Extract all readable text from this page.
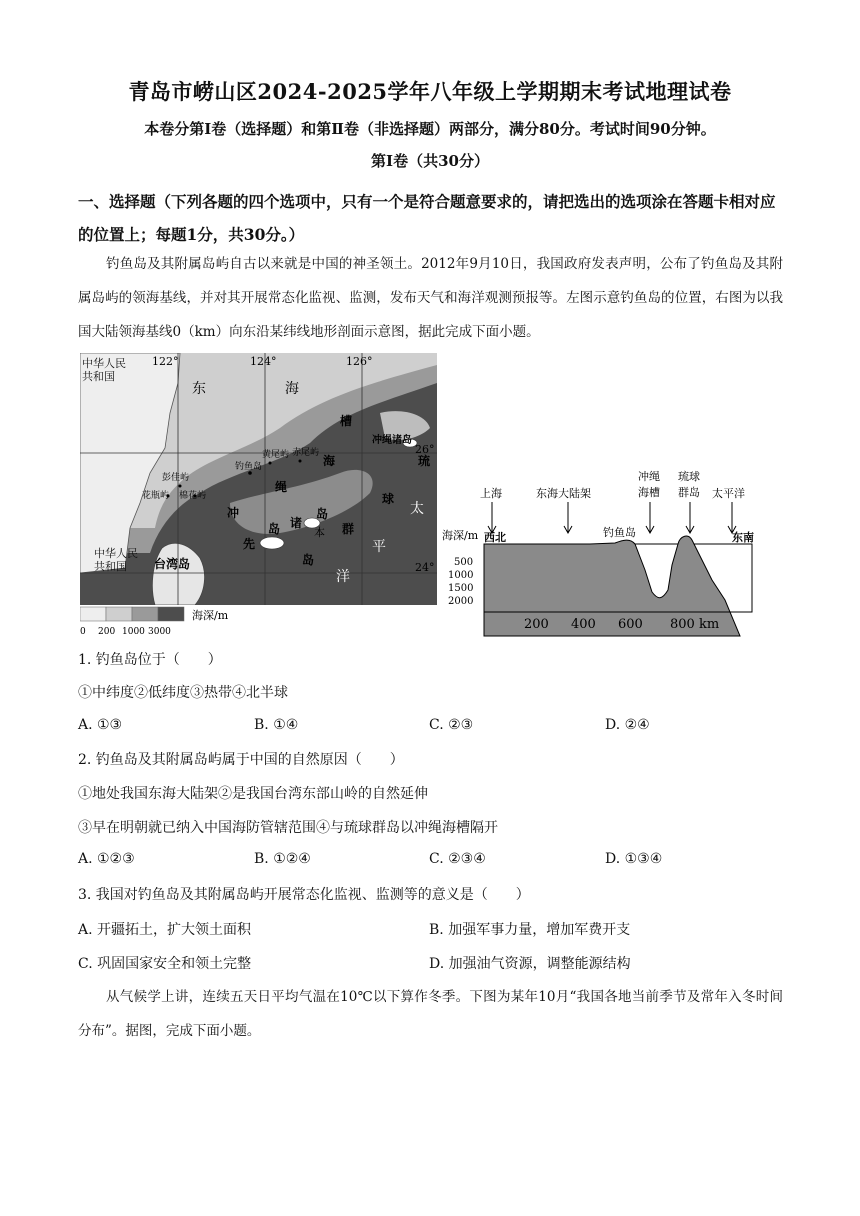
青岛市崂山区2024-2025学年八年级上学期期末考试地理试卷
本卷分第Ⅰ卷（选择题）和第Ⅱ卷（非选择题）两部分，满分80分。考试时间90分钟。
第Ⅰ卷（共30分）
一、选择题（下列各题的四个选项中，只有一个是符合题意要求的，请把选出的选项涂在答题卡相对应的位置上；每题1分，共30分。）
钓鱼岛及其附属岛屿自古以来就是中国的神圣领土。2012年9月10日，我国政府发表声明，公布了钓鱼岛及其附属岛屿的领海基线，并对其开展常态化监视、监测，发布天气和海洋观测预报等。左图示意钓鱼岛的位置，右图为以我国大陆领海基线0（km）向东沿某纬线地形剖面示意图，据此完成下面小题。
122°	124°	126°
26°
24°
中华人民共和国
中华人民共和国	台湾岛
东	海
槽
海
绳
冲
冲绳诸岛
琉
球
先
岛 诸
岛
群
本
岛
太
平
洋
黄尾屿 赤尾屿
钓鱼岛
彭佳屿
棉花屿
花瓶屿
海深/m
0 200 1000 3000
上海	东海大陆架
冲绳
海槽
琉球
群岛 太平洋
海深/m 西北	东南
钓鱼岛
500
1000
1500
2000
200 400 600 800 km
1. 钓鱼岛位于（　　）
①中纬度②低纬度③热带④北半球
A. ①③	B. ①④	C. ②③	D. ②④
2. 钓鱼岛及其附属岛屿属于中国的自然原因（　　）
①地处我国东海大陆架②是我国台湾东部山岭的自然延伸
③早在明朝就已纳入中国海防管辖范围④与琉球群岛以冲绳海槽隔开
A. ①②③	B. ①②④	C. ②③④	D. ①③④
3. 我国对钓鱼岛及其附属岛屿开展常态化监视、监测等的意义是（　　）
A. 开疆拓土，扩大领土面积	B. 加强军事力量，增加军费开支
C. 巩固国家安全和领土完整	D. 加强油气资源，调整能源结构
从气候学上讲，连续五天日平均气温在10℃以下算作冬季。下图为某年10月“我国各地当前季节及常年入冬时间分布”。据图，完成下面小题。
